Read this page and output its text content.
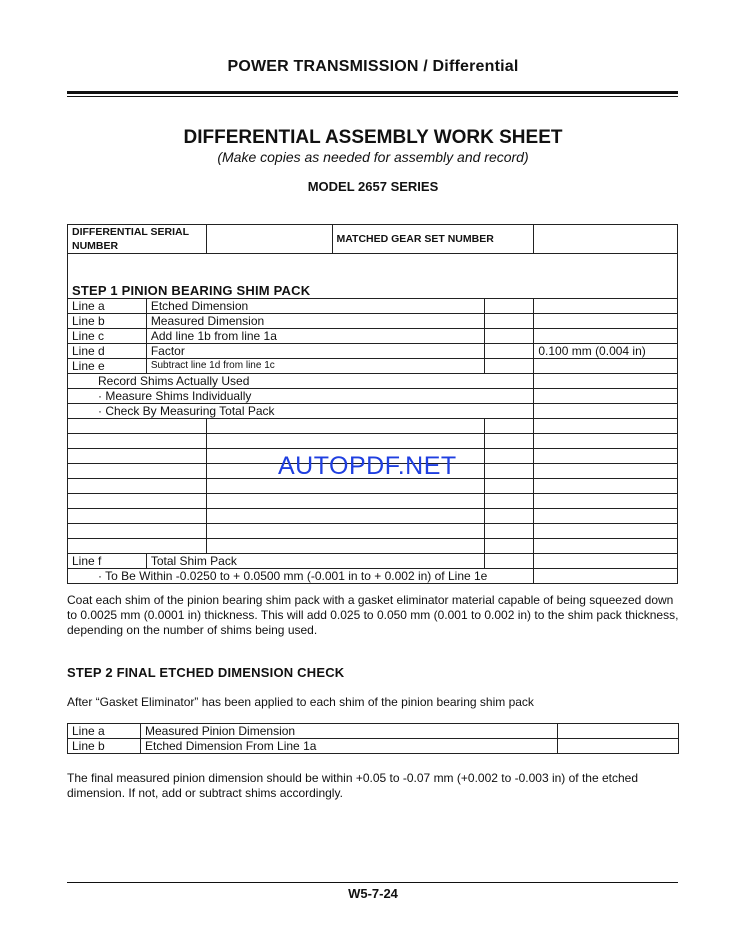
POWER TRANSMISSION / Differential
DIFFERENTIAL ASSEMBLY WORK SHEET
(Make copies as needed for assembly and record)
MODEL 2657 SERIES
DIFFERENTIAL SERIAL NUMBER			MATCHED GEAR SET NUMBER		
STEP 1 PINION BEARING SHIM PACK					
Line a	Etched Dimension				
Line b	Measured Dimension				
Line c	Add line 1b from line 1a				
Line d	Factor				0.100 mm (0.004 in)
Line e	Subtract line 1d from line 1c				
Record Shims Actually Used					
· Measure Shims Individually					
· Check By Measuring Total Pack					

Line f	Total Shim Pack				
· To Be Within -0.0250 to + 0.0500 mm (-0.001 in to + 0.002 in) of Line 1e					
AUTOPDF.NET
Coat each shim of the pinion bearing shim pack with a gasket eliminator material capable of being squeezed down to 0.0025 mm (0.0001 in) thickness. This will add 0.025 to 0.050 mm (0.001 to 0.002 in) to the shim pack thickness, depending on the number of shims being used.
STEP 2 FINAL ETCHED DIMENSION CHECK
After “Gasket Eliminator” has been applied to each shim of the pinion bearing shim pack
Line a	Measured Pinion Dimension	
Line b	Etched Dimension From Line 1a	
The final measured pinion dimension should be within +0.05 to -0.07 mm (+0.002 to -0.003 in) of the etched dimension. If not, add or subtract shims accordingly.
W5-7-24
